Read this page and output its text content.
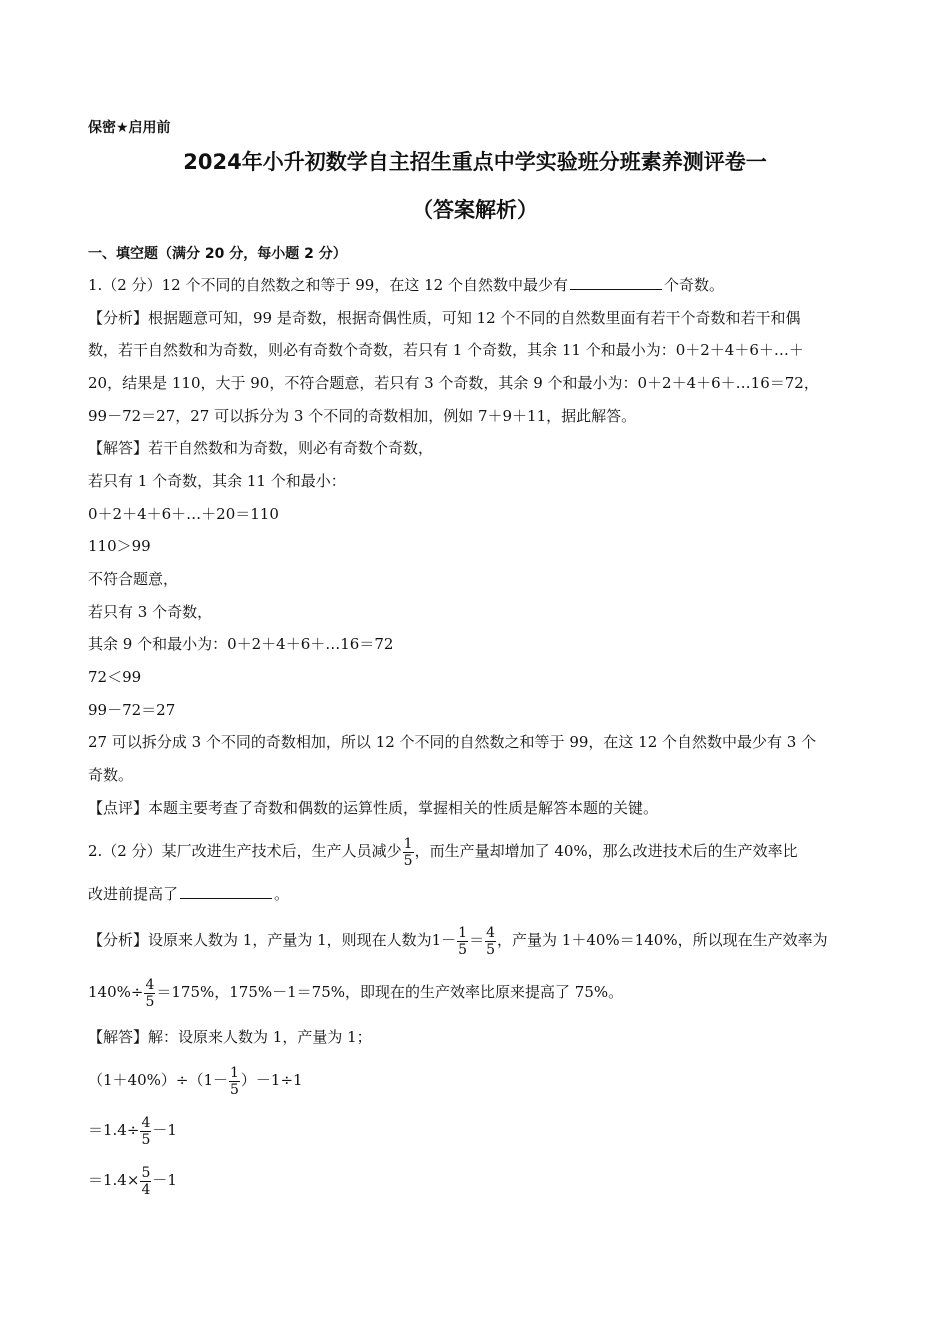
保密★启用前
2024年小升初数学自主招生重点中学实验班分班素养测评卷一
（答案解析）
一、填空题（满分 20 分，每小题 2 分）
1.（2 分）12 个不同的自然数之和等于 99，在这 12 个自然数中最少有	个奇数。
【分析】根据题意可知，99 是奇数，根据奇偶性质，可知 12 个不同的自然数里面有若干个奇数和若干和偶
数，若干自然数和为奇数，则必有奇数个奇数，若只有 1 个奇数，其余 11 个和最小为：0＋2＋4＋6＋…＋
20，结果是 110，大于 90，不符合题意，若只有 3 个奇数，其余 9 个和最小为：0＋2＋4＋6＋…16＝72，
99－72＝27，27 可以拆分为 3 个不同的奇数相加，例如 7＋9＋11，据此解答。
【解答】若干自然数和为奇数，则必有奇数个奇数，
若只有 1 个奇数，其余 11 个和最小：
0＋2＋4＋6＋…＋20＝110
110＞99
不符合题意，
若只有 3 个奇数，
其余 9 个和最小为：0＋2＋4＋6＋…16＝72
72＜99
99－72＝27
27 可以拆分成 3 个不同的奇数相加，所以 12 个不同的自然数之和等于 99，在这 12 个自然数中最少有 3 个
奇数。
【点评】本题主要考查了奇数和偶数的运算性质，掌握相关的性质是解答本题的关键。
2.（2 分）某厂改进生产技术后，生产人员减少 $\frac{1}{5}$ ，而生产量却增加了 40%，那么改进技术后的生产效率比
改进前提高了	。
【分析】设原来人数为 1，产量为 1，则现在人数为$1- \frac{1}{5} = \frac{4}{5}$ ，产量为 1＋40%＝140%，所以现在生产效率为
$140\%\div \frac{4}{5} =175\%$，175%－1＝75%，即现在的生产效率比原来提高了 75%。
【解答】解：设原来人数为 1，产量为 1；
$(1+40\%)\div(1- \frac{1}{5} )-1\div 1$
$=1.4\div \frac{4}{5} -1$
$=1.4\times \frac{5}{4} -1$
